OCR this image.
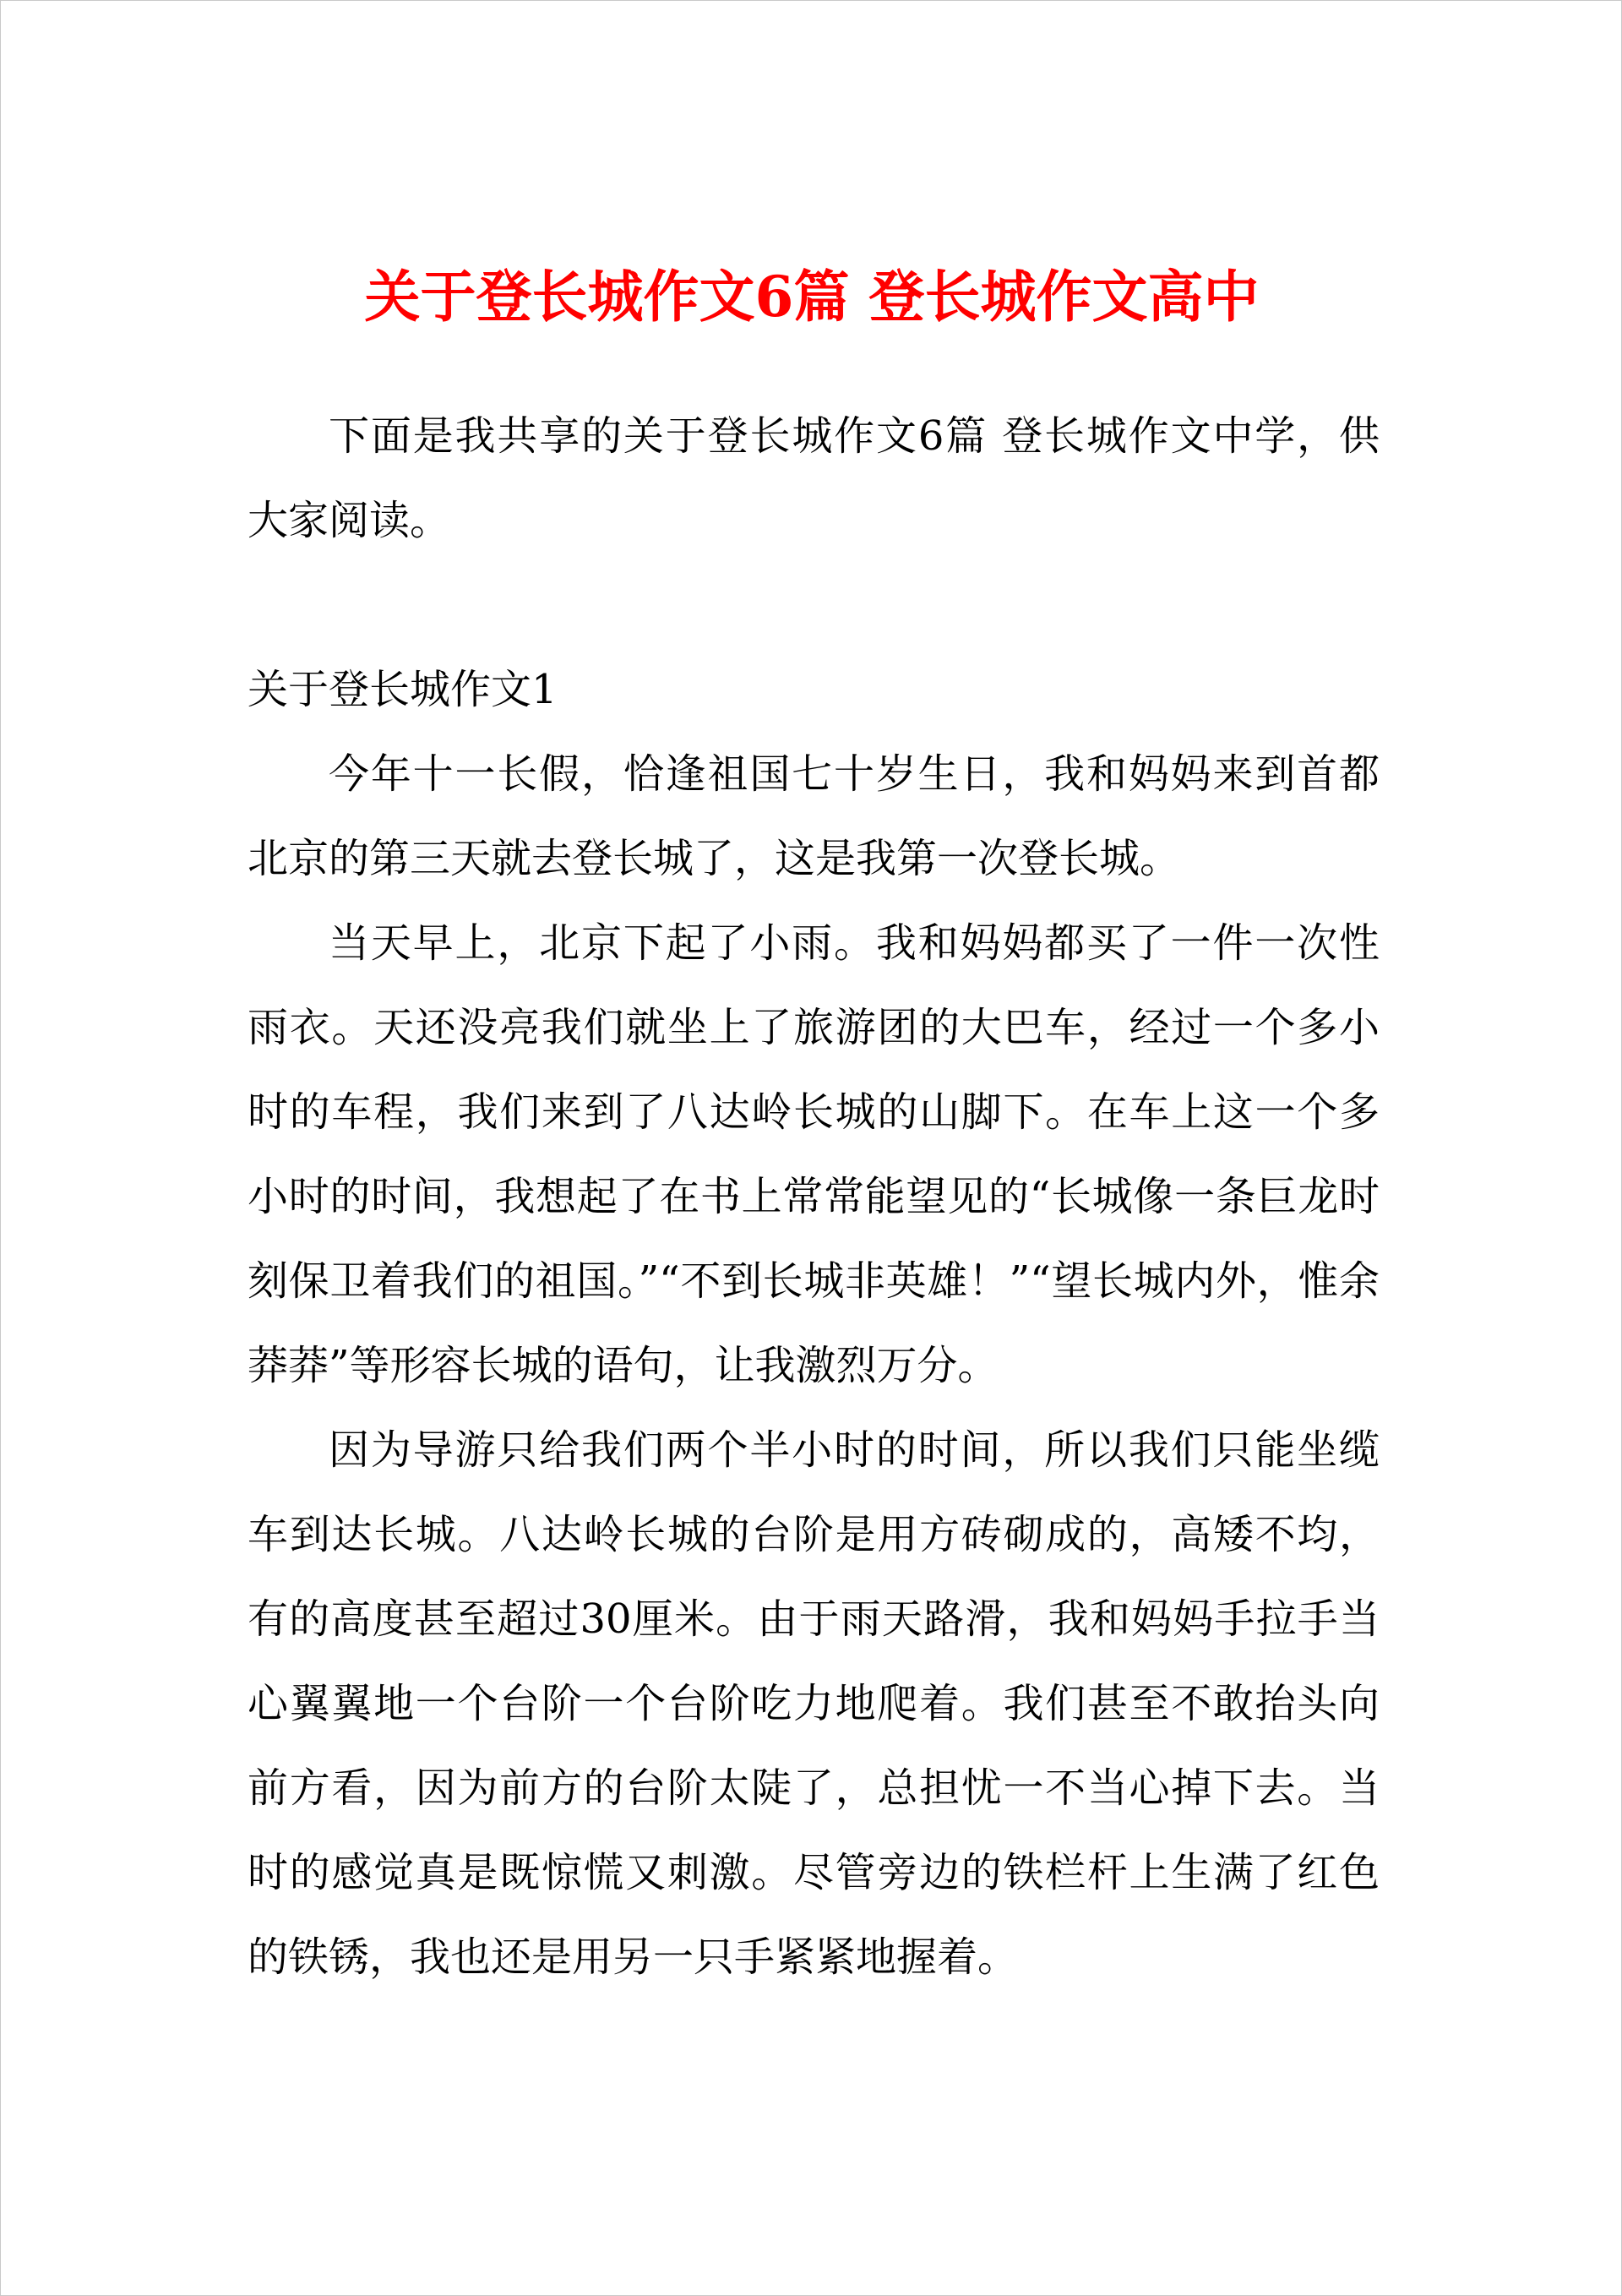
关于登长城作文6篇 登长城作文高中

下面是我共享的关于登长城作文6篇 登长城作文中学，供大家阅读。

关于登长城作文1

今年十一长假，恰逢祖国七十岁生日，我和妈妈来到首都北京的第三天就去登长城了，这是我第一次登长城。

当天早上，北京下起了小雨。我和妈妈都买了一件一次性雨衣。天还没亮我们就坐上了旅游团的大巴车，经过一个多小时的车程，我们来到了八达岭长城的山脚下。在车上这一个多小时的时间，我想起了在书上常常能望见的“长城像一条巨龙时刻保卫着我们的祖国。”“不到长城非英雄！”“望长城内外，惟余莽莽”等形容长城的语句，让我激烈万分。

因为导游只给我们两个半小时的时间，所以我们只能坐缆车到达长城。八达岭长城的台阶是用方砖砌成的，高矮不均，有的高度甚至超过30厘米。由于雨天路滑，我和妈妈手拉手当心翼翼地一个台阶一个台阶吃力地爬着。我们甚至不敢抬头向前方看，因为前方的台阶太陡了，总担忧一不当心掉下去。当时的感觉真是既惊慌又刺激。尽管旁边的铁栏杆上生满了红色的铁锈，我也还是用另一只手紧紧地握着。
